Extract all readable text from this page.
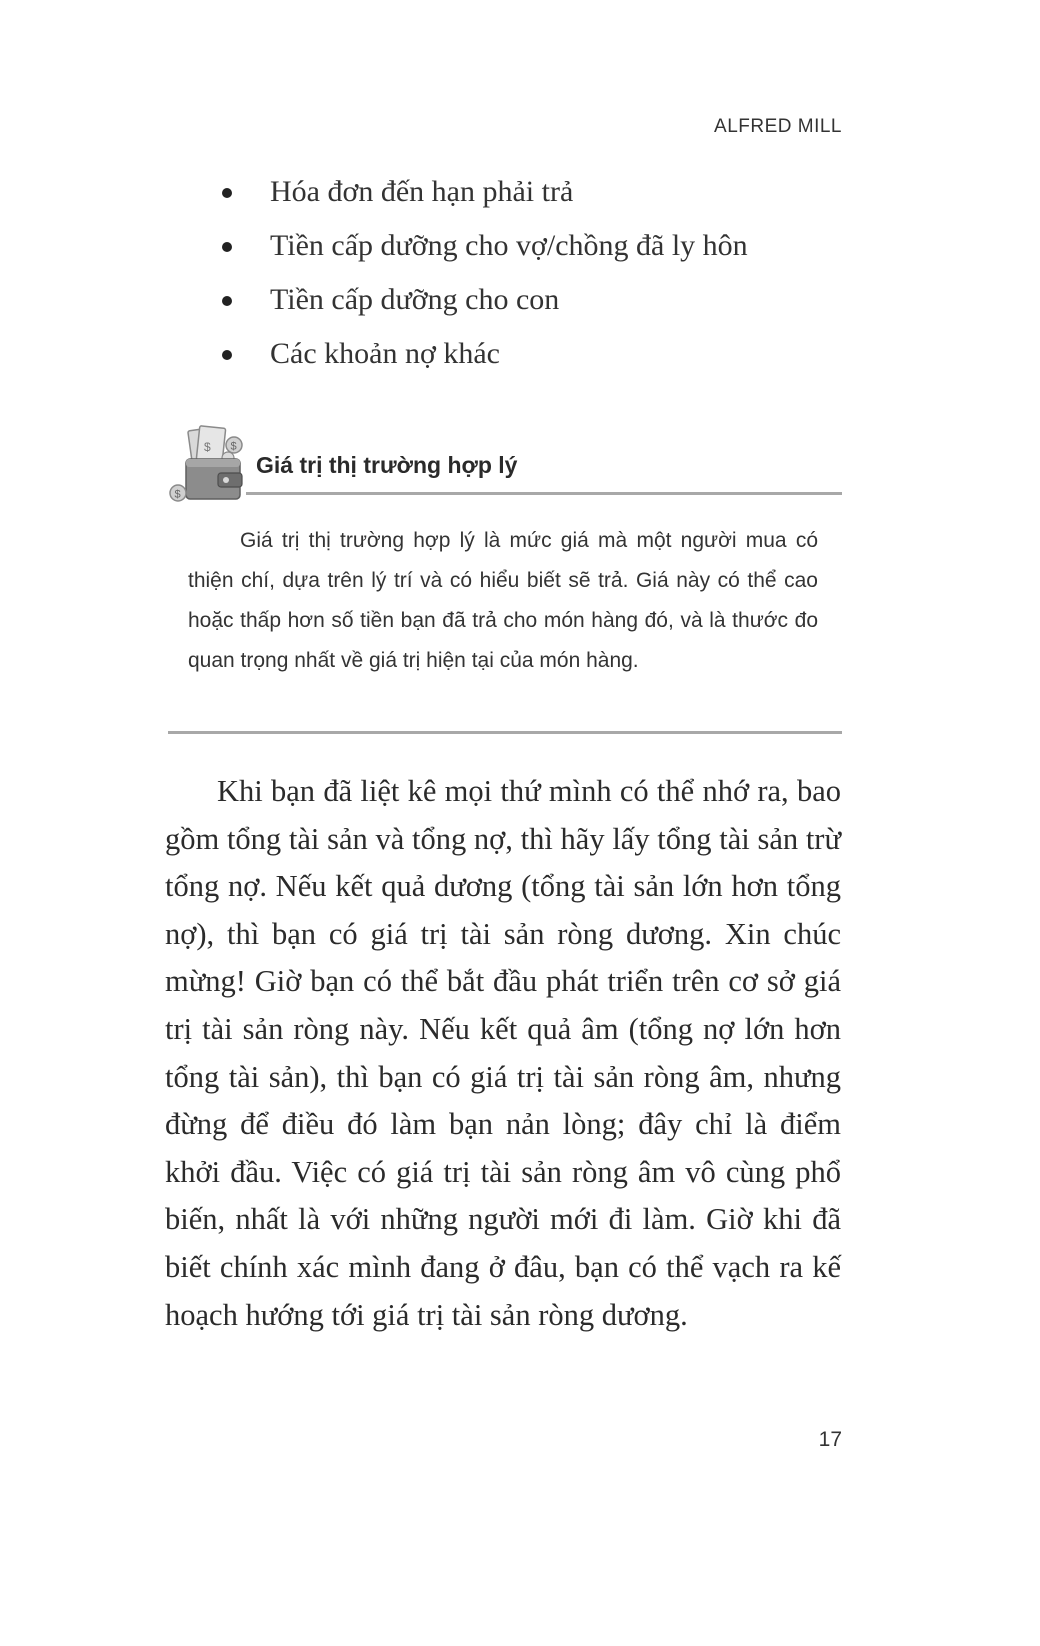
ALFRED MILL
Hóa đơn đến hạn phải trả
Tiền cấp dưỡng cho vợ/chồng đã ly hôn
Tiền cấp dưỡng cho con
Các khoản nợ khác
$ $
$
Giá trị thị trường hợp lý

Giá trị thị trường hợp lý là mức giá mà một người mua có thiện chí, dựa trên lý trí và có hiểu biết sẽ trả. Giá này có thể cao hoặc thấp hơn số tiền bạn đã trả cho món hàng đó, và là thước đo quan trọng nhất về giá trị hiện tại của món hàng.

Khi bạn đã liệt kê mọi thứ mình có thể nhớ ra, bao gồm tổng tài sản và tổng nợ, thì hãy lấy tổng tài sản trừ tổng nợ. Nếu kết quả dương (tổng tài sản lớn hơn tổng nợ), thì bạn có giá trị tài sản ròng dương. Xin chúc mừng! Giờ bạn có thể bắt đầu phát triển trên cơ sở giá trị tài sản ròng này. Nếu kết quả âm (tổng nợ lớn hơn tổng tài sản), thì bạn có giá trị tài sản ròng âm, nhưng đừng để điều đó làm bạn nản lòng; đây chỉ là điểm khởi đầu. Việc có giá trị tài sản ròng âm vô cùng phổ biến, nhất là với những người mới đi làm. Giờ khi đã biết chính xác mình đang ở đâu, bạn có thể vạch ra kế hoạch hướng tới giá trị tài sản ròng dương.

17
